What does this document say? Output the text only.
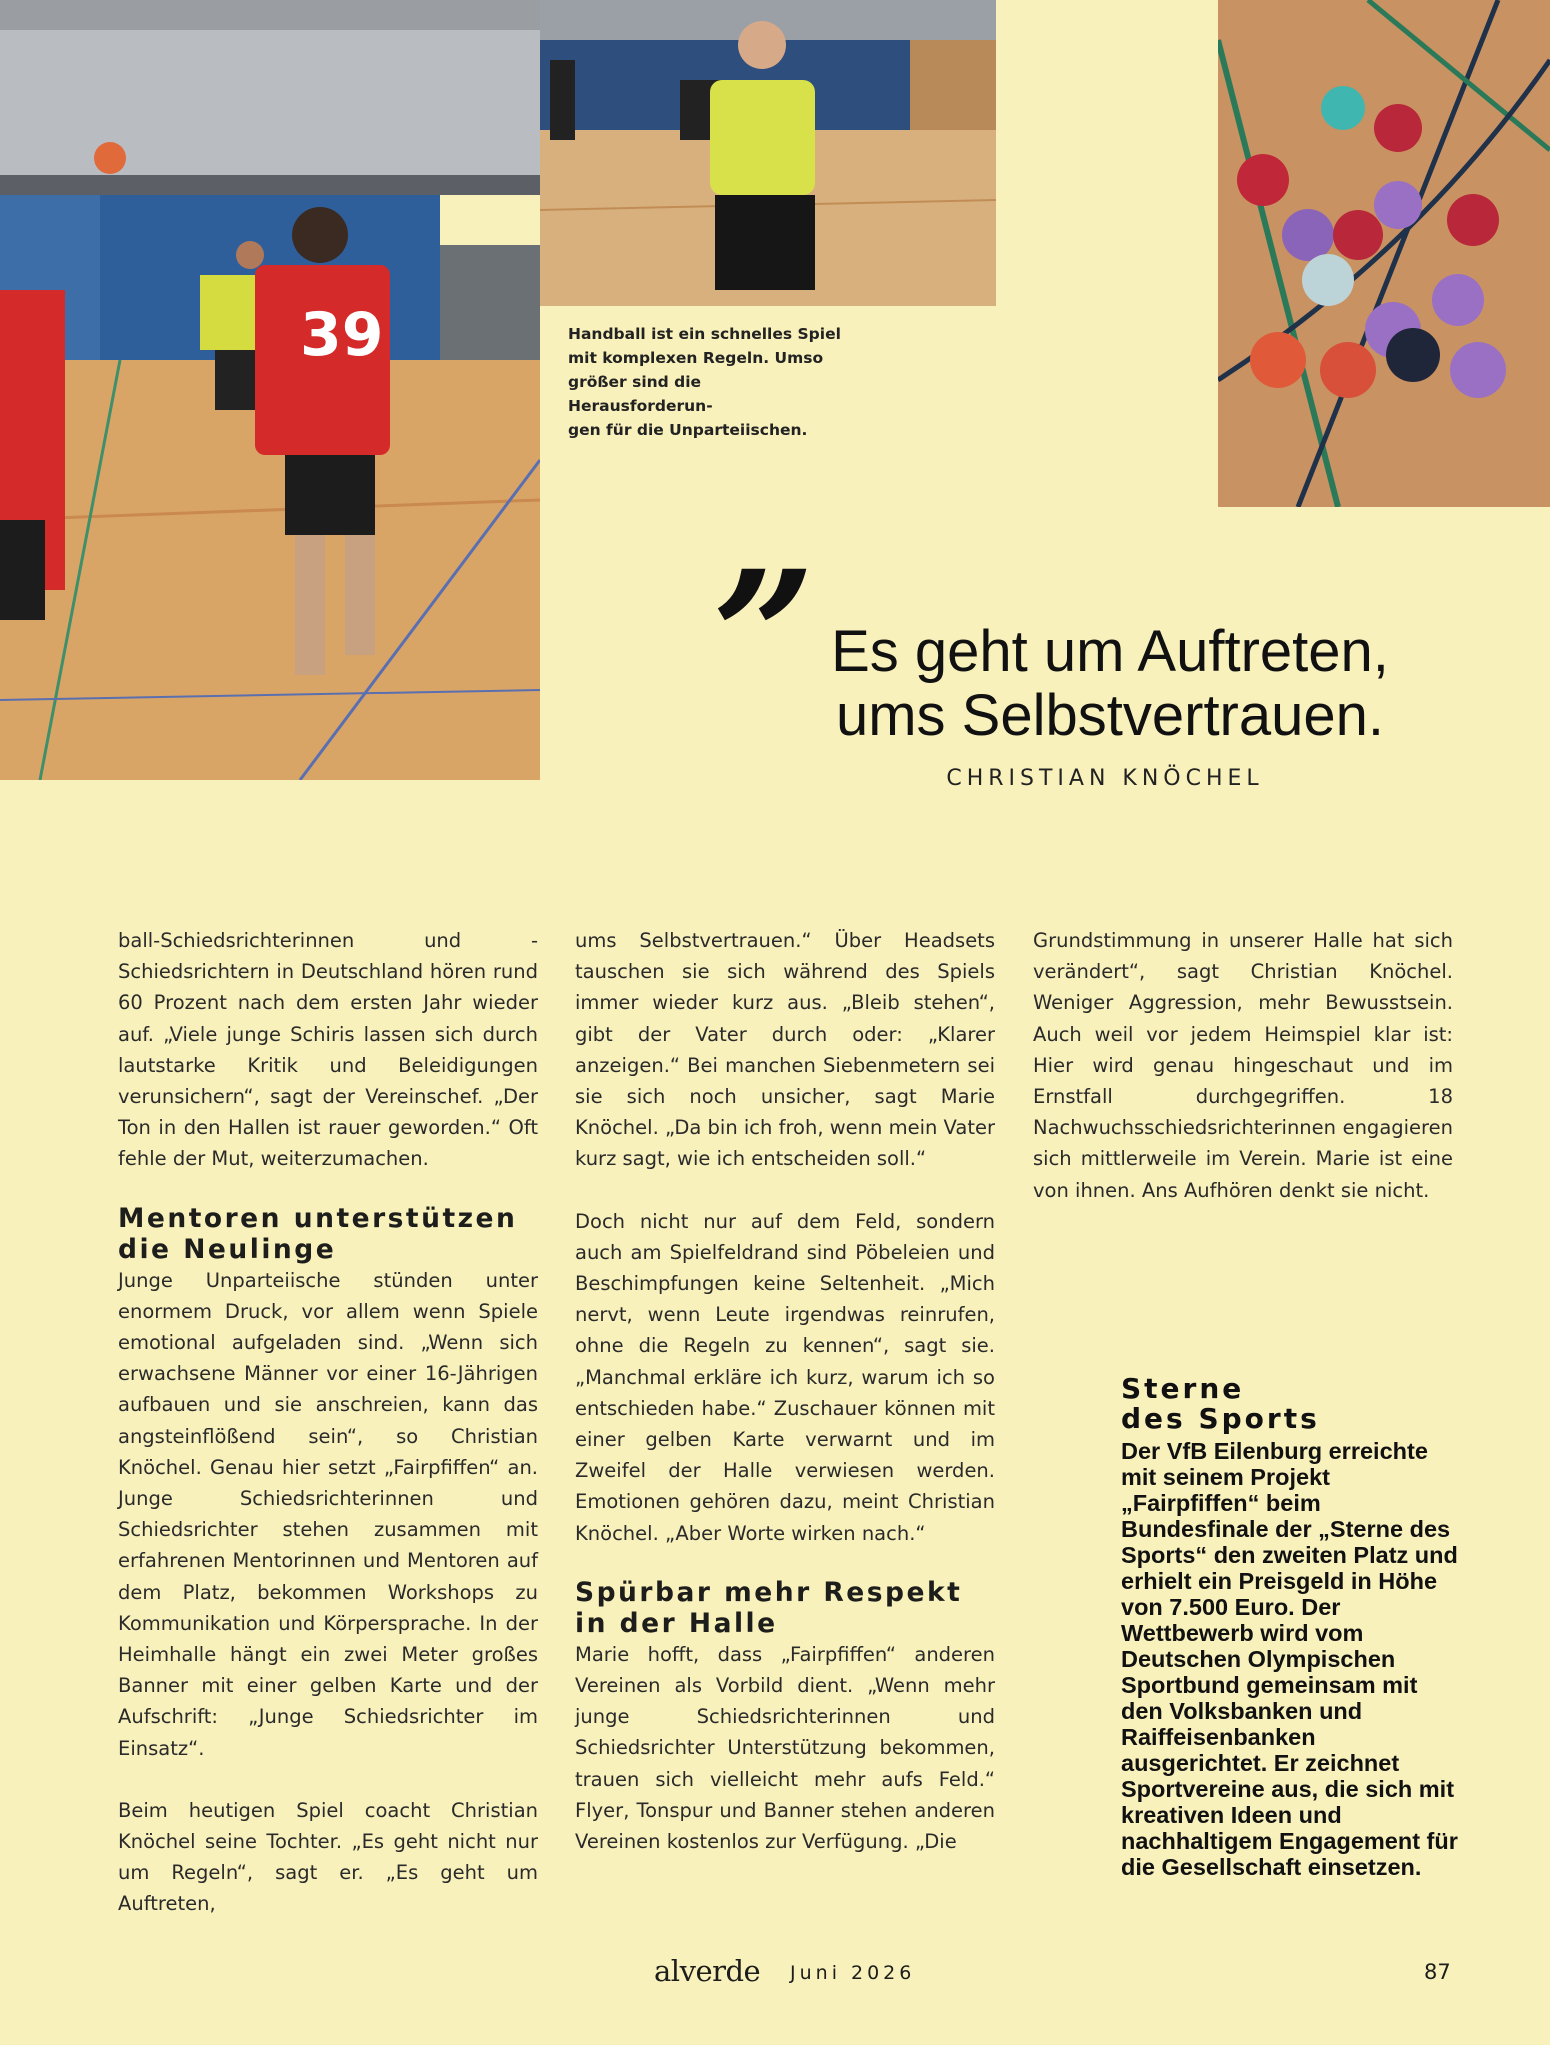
39	Handball ist ein schnelles Spiel
mit komplexen Regeln. Umso
größer sind die Herausforderun-
gen für die Unparteiischen.
” Es geht um Auftreten,
ums Selbstvertrauen.
CHRISTIAN KNÖCHEL

ball-Schiedsrichterinnen und -Schiedsrichtern in Deutschland hören rund 60 Prozent nach dem ersten Jahr wieder auf. „Viele junge Schiris lassen sich durch lautstarke Kritik und Beleidigungen verunsichern“, sagt der Vereinschef. „Der Ton in den Hallen ist rauer geworden.“ Oft fehle der Mut, weiterzumachen.

Mentoren unterstützen die Neulinge

Junge Unparteiische stünden unter enormem Druck, vor allem wenn Spiele emotional aufgeladen sind. „Wenn sich erwachsene Männer vor einer 16-Jährigen aufbauen und sie anschreien, kann das angsteinflößend sein“, so Christian Knöchel. Genau hier setzt „Fairpfiffen“ an. Junge Schiedsrichterinnen und Schiedsrichter stehen zusammen mit erfahrenen Mentorinnen und Mentoren auf dem Platz, bekommen Workshops zu Kommunikation und Körpersprache. In der Heimhalle hängt ein zwei Meter großes Banner mit einer gelben Karte und der Aufschrift: „Junge Schiedsrichter im Einsatz“.

Beim heutigen Spiel coacht Christian Knöchel seine Tochter. „Es geht nicht nur um Regeln“, sagt er. „Es geht um Auftreten,

ums Selbstvertrauen.“ Über Headsets tauschen sie sich während des Spiels immer wieder kurz aus. „Bleib stehen“, gibt der Vater durch oder: „Klarer anzeigen.“ Bei manchen Siebenmetern sei sie sich noch unsicher, sagt Marie Knöchel. „Da bin ich froh, wenn mein Vater kurz sagt, wie ich entscheiden soll.“

Doch nicht nur auf dem Feld, sondern auch am Spielfeldrand sind Pöbeleien und Beschimpfungen keine Seltenheit. „Mich nervt, wenn Leute irgendwas reinrufen, ohne die Regeln zu kennen“, sagt sie. „Manchmal erkläre ich kurz, warum ich so entschieden habe.“ Zuschauer können mit einer gelben Karte verwarnt und im Zweifel der Halle verwiesen werden. Emotionen gehören dazu, meint Christian Knöchel. „Aber Worte wirken nach.“

Spürbar mehr Respekt in der Halle

Marie hofft, dass „Fairpfiffen“ anderen Vereinen als Vorbild dient. „Wenn mehr junge Schiedsrichterinnen und Schiedsrichter Unterstützung bekommen, trauen sich vielleicht mehr aufs Feld.“ Flyer, Tonspur und Banner stehen anderen Vereinen kostenlos zur Verfügung. „Die

Grundstimmung in unserer Halle hat sich verändert“, sagt Christian Knöchel. Weniger Aggression, mehr Bewusstsein. Auch weil vor jedem Heimspiel klar ist: Hier wird genau hingeschaut und im Ernstfall durchgegriffen. 18 Nachwuchsschiedsrichterinnen engagieren sich mittlerweile im Verein. Marie ist eine von ihnen. Ans Aufhören denkt sie nicht.

Sterne
des Sports

Der VfB Eilenburg erreichte mit seinem Projekt „Fairpfiffen“ beim Bundesfinale der „Sterne des Sports“ den zweiten Platz und erhielt ein Preisgeld in Höhe von 7.500 Euro. Der Wettbewerb wird vom Deutschen Olympischen Sportbund gemeinsam mit den Volksbanken und Raiffeisenbanken ausgerichtet. Er zeichnet Sportvereine aus, die sich mit kreativen Ideen und nachhaltigem Engagement für die Gesellschaft einsetzen.

alverde Juni 2026	87
